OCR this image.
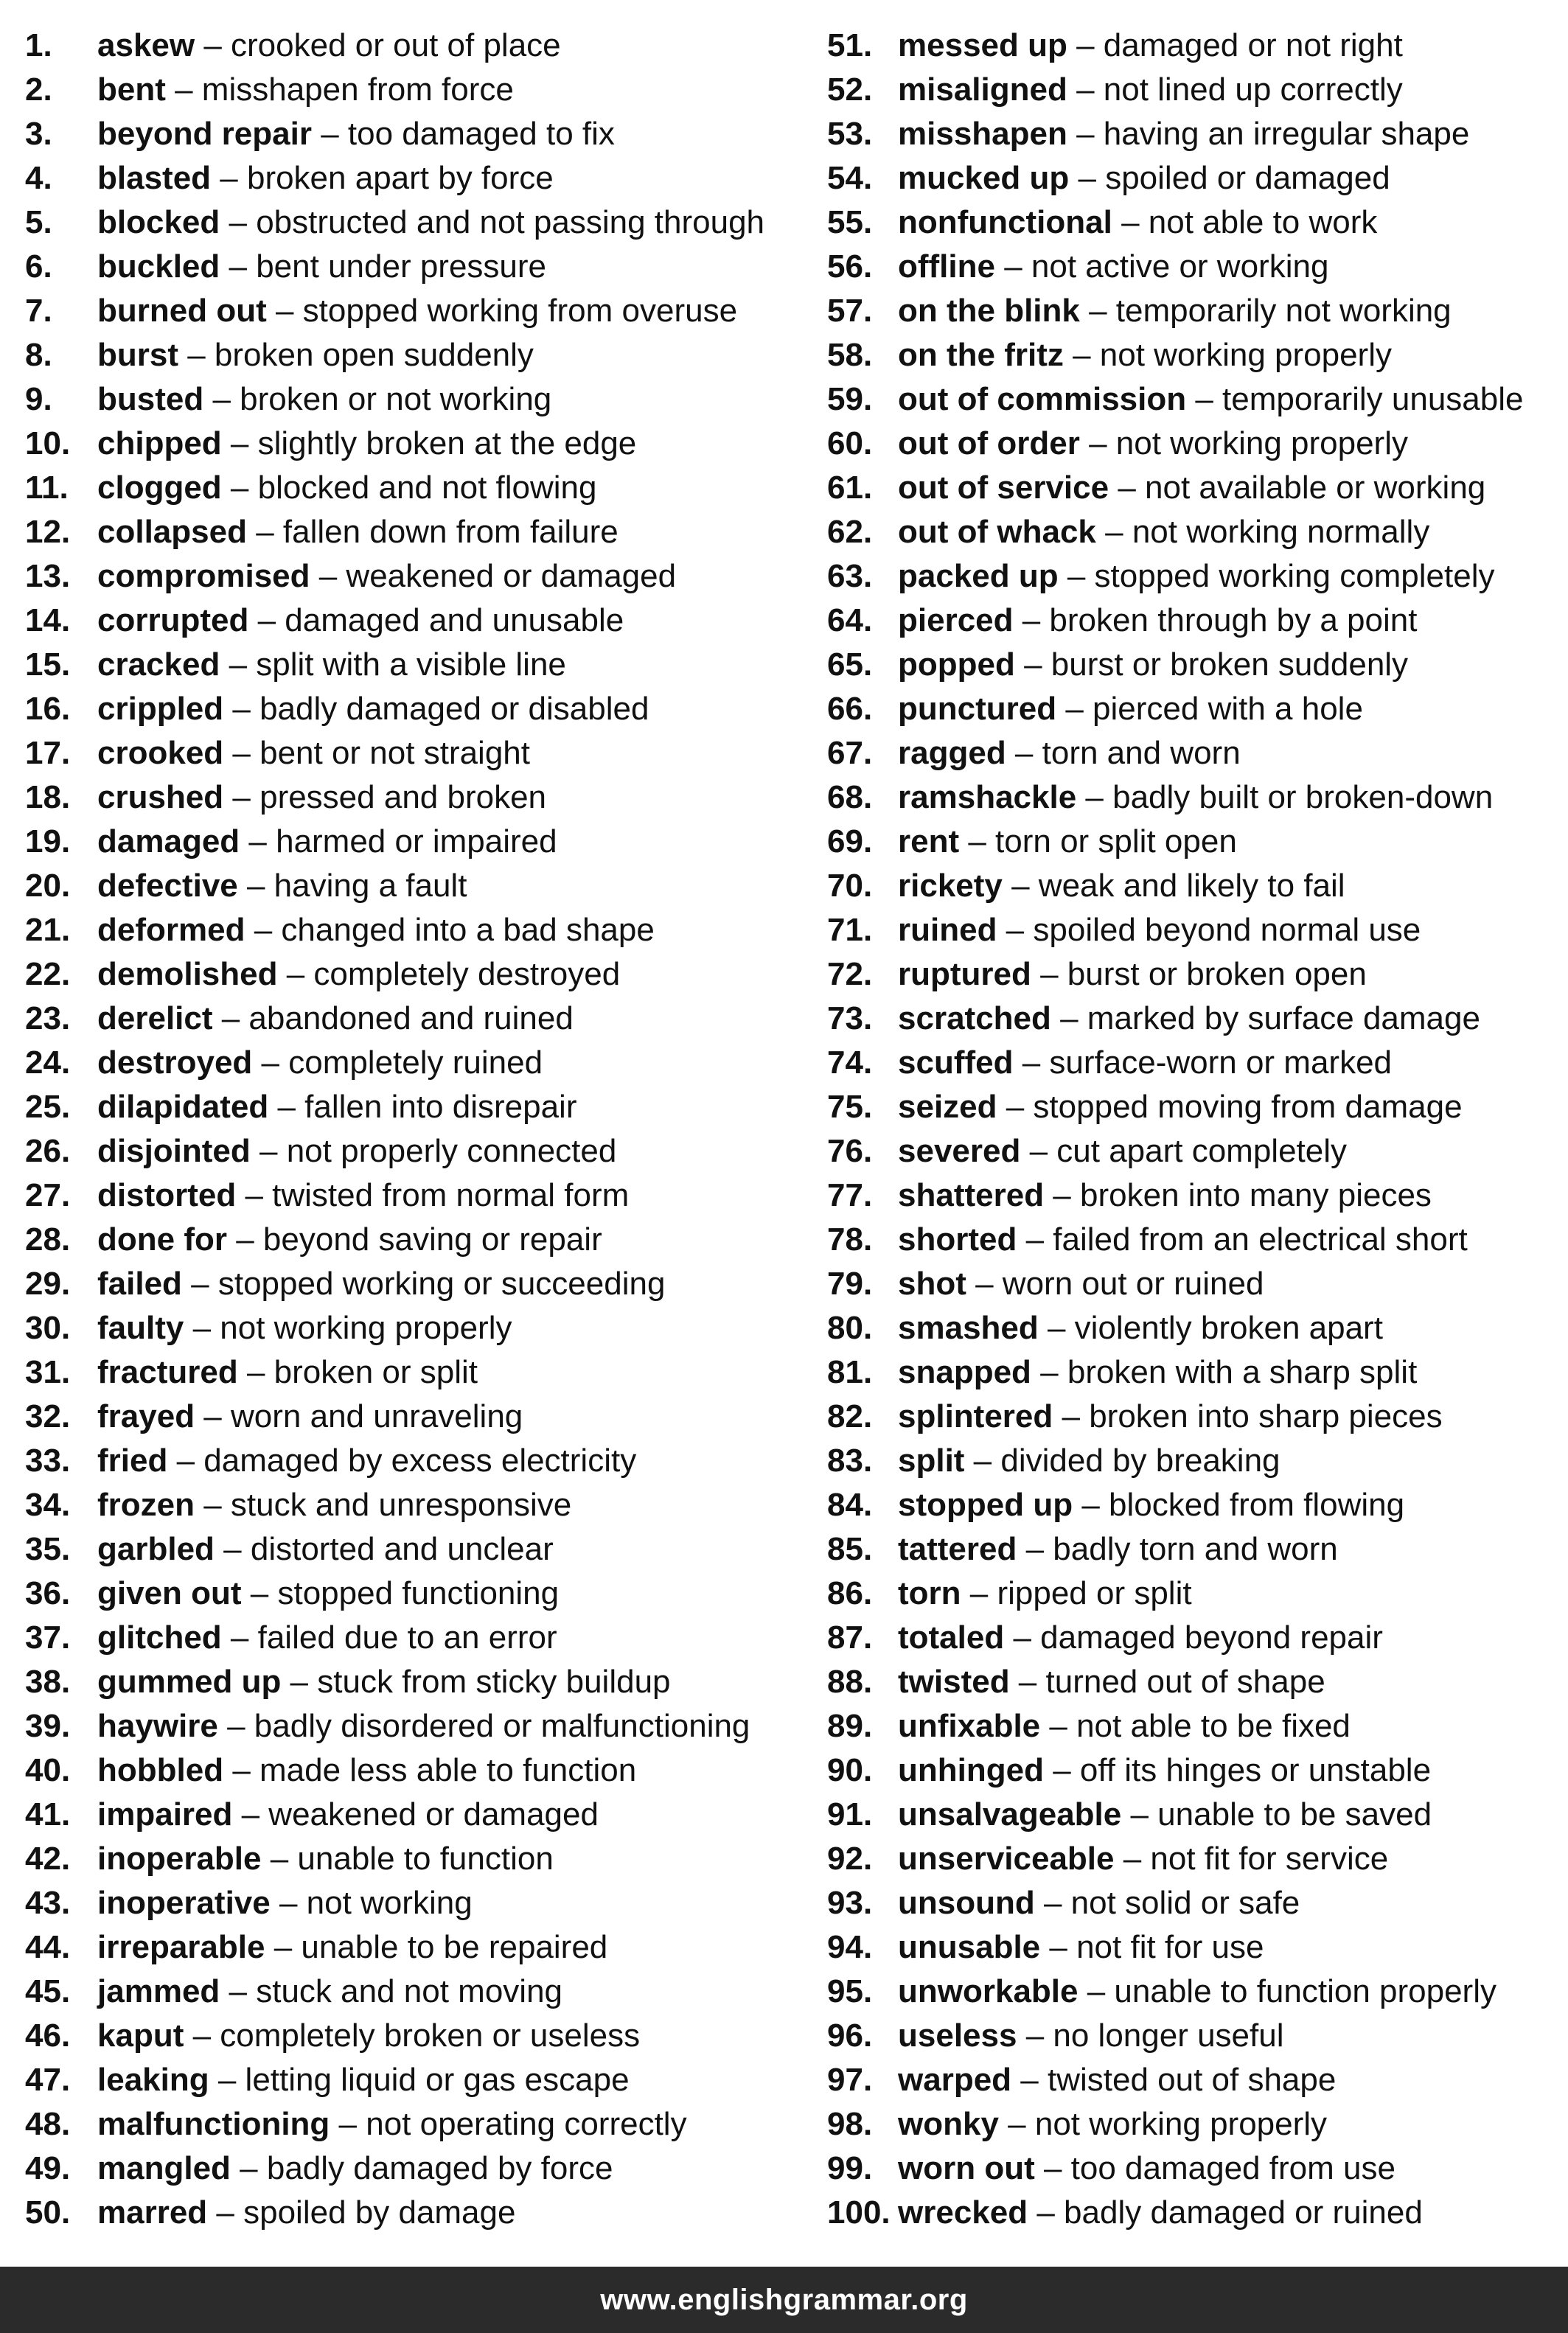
1. askew – crooked or out of place
2. bent – misshapen from force
3. beyond repair – too damaged to fix
4. blasted – broken apart by force
5. blocked – obstructed and not passing through
6. buckled – bent under pressure
7. burned out – stopped working from overuse
8. burst – broken open suddenly
9. busted – broken or not working
10. chipped – slightly broken at the edge
11. clogged – blocked and not flowing
12. collapsed – fallen down from failure
13. compromised – weakened or damaged
14. corrupted – damaged and unusable
15. cracked – split with a visible line
16. crippled – badly damaged or disabled
17. crooked – bent or not straight
18. crushed – pressed and broken
19. damaged – harmed or impaired
20. defective – having a fault
21. deformed – changed into a bad shape
22. demolished – completely destroyed
23. derelict – abandoned and ruined
24. destroyed – completely ruined
25. dilapidated – fallen into disrepair
26. disjointed – not properly connected
27. distorted – twisted from normal form
28. done for – beyond saving or repair
29. failed – stopped working or succeeding
30. faulty – not working properly
31. fractured – broken or split
32. frayed – worn and unraveling
33. fried – damaged by excess electricity
34. frozen – stuck and unresponsive
35. garbled – distorted and unclear
36. given out – stopped functioning
37. glitched – failed due to an error
38. gummed up – stuck from sticky buildup
39. haywire – badly disordered or malfunctioning
40. hobbled – made less able to function
41. impaired – weakened or damaged
42. inoperable – unable to function
43. inoperative – not working
44. irreparable – unable to be repaired
45. jammed – stuck and not moving
46. kaput – completely broken or useless
47. leaking – letting liquid or gas escape
48. malfunctioning – not operating correctly
49. mangled – badly damaged by force
50. marred – spoiled by damage
51. messed up – damaged or not right
52. misaligned – not lined up correctly
53. misshapen – having an irregular shape
54. mucked up – spoiled or damaged
55. nonfunctional – not able to work
56. offline – not active or working
57. on the blink – temporarily not working
58. on the fritz – not working properly
59. out of commission – temporarily unusable
60. out of order – not working properly
61. out of service – not available or working
62. out of whack – not working normally
63. packed up – stopped working completely
64. pierced – broken through by a point
65. popped – burst or broken suddenly
66. punctured – pierced with a hole
67. ragged – torn and worn
68. ramshackle – badly built or broken-down
69. rent – torn or split open
70. rickety – weak and likely to fail
71. ruined – spoiled beyond normal use
72. ruptured – burst or broken open
73. scratched – marked by surface damage
74. scuffed – surface-worn or marked
75. seized – stopped moving from damage
76. severed – cut apart completely
77. shattered – broken into many pieces
78. shorted – failed from an electrical short
79. shot – worn out or ruined
80. smashed – violently broken apart
81. snapped – broken with a sharp split
82. splintered – broken into sharp pieces
83. split – divided by breaking
84. stopped up – blocked from flowing
85. tattered – badly torn and worn
86. torn – ripped or split
87. totaled – damaged beyond repair
88. twisted – turned out of shape
89. unfixable – not able to be fixed
90. unhinged – off its hinges or unstable
91. unsalvageable – unable to be saved
92. unserviceable – not fit for service
93. unsound – not solid or safe
94. unusable – not fit for use
95. unworkable – unable to function properly
96. useless – no longer useful
97. warped – twisted out of shape
98. wonky – not working properly
99. worn out – too damaged from use
100. wrecked – badly damaged or ruined
www.englishgrammar.org
